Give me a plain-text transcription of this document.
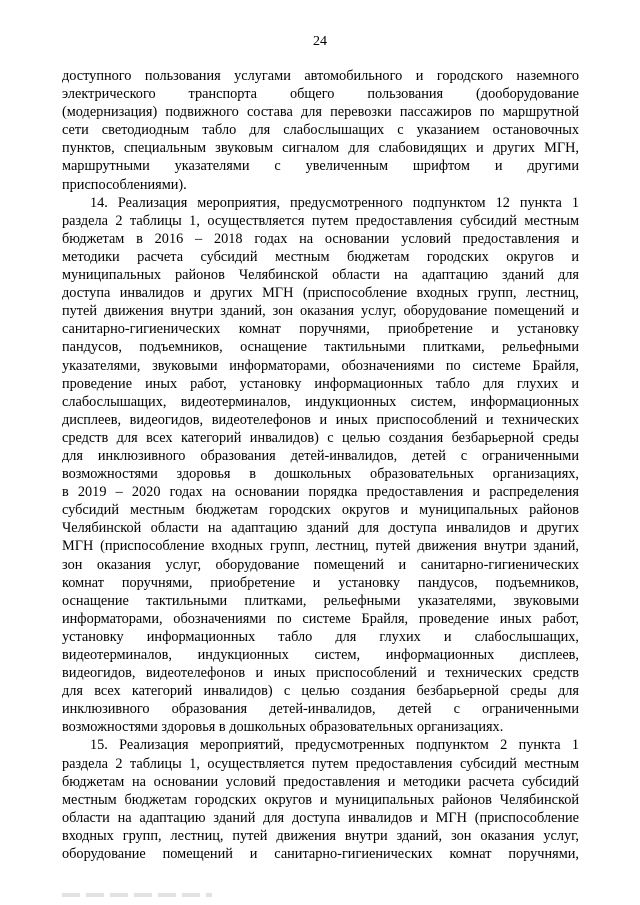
24
доступного пользования услугами автомобильного и городского наземного
электрического транспорта общего пользования (дооборудование
(модернизация) подвижного состава для перевозки пассажиров по маршрутной
сети светодиодным табло для слабослышащих с указанием остановочных
пунктов, специальным звуковым сигналом для слабовидящих и других МГН,
маршрутными указателями с увеличенным шрифтом и другими
приспособлениями).
14. Реализация мероприятия, предусмотренного подпунктом 12 пункта 1
раздела 2 таблицы 1, осуществляется путем предоставления субсидий местным
бюджетам в 2016 – 2018 годах на основании условий предоставления и
методики расчета субсидий местным бюджетам городских округов и
муниципальных районов Челябинской области на адаптацию зданий для
доступа инвалидов и других МГН (приспособление входных групп, лестниц,
путей движения внутри зданий, зон оказания услуг, оборудование помещений и
санитарно-гигиенических комнат поручнями, приобретение и установку
пандусов, подъемников, оснащение тактильными плитками, рельефными
указателями, звуковыми информаторами, обозначениями по системе Брайля,
проведение иных работ, установку информационных табло для глухих и
слабослышащих, видеотерминалов, индукционных систем, информационных
дисплеев, видеогидов, видеотелефонов и иных приспособлений и технических
средств для всех категорий инвалидов) с целью создания безбарьерной среды
для инклюзивного образования детей-инвалидов, детей с ограниченными
возможностями здоровья в дошкольных образовательных организациях,
в 2019 – 2020 годах на основании порядка предоставления и распределения
субсидий местным бюджетам городских округов и муниципальных районов
Челябинской области на адаптацию зданий для доступа инвалидов и других
МГН (приспособление входных групп, лестниц, путей движения внутри зданий,
зон оказания услуг, оборудование помещений и санитарно-гигиенических
комнат поручнями, приобретение и установку пандусов, подъемников,
оснащение тактильными плитками, рельефными указателями, звуковыми
информаторами, обозначениями по системе Брайля, проведение иных работ,
установку информационных табло для глухих и слабослышащих,
видеотерминалов, индукционных систем, информационных дисплеев,
видеогидов, видеотелефонов и иных приспособлений и технических средств
для всех категорий инвалидов) с целью создания безбарьерной среды для
инклюзивного образования детей-инвалидов, детей с ограниченными
возможностями здоровья в дошкольных образовательных организациях.
15. Реализация мероприятий, предусмотренных подпунктом 2 пункта 1
раздела 2 таблицы 1, осуществляется путем предоставления субсидий местным
бюджетам на основании условий предоставления и методики расчета субсидий
местным бюджетам городских округов и муниципальных районов Челябинской
области на адаптацию зданий для доступа инвалидов и МГН (приспособление
входных групп, лестниц, путей движения внутри зданий, зон оказания услуг,
оборудование помещений и санитарно-гигиенических комнат поручнями,
